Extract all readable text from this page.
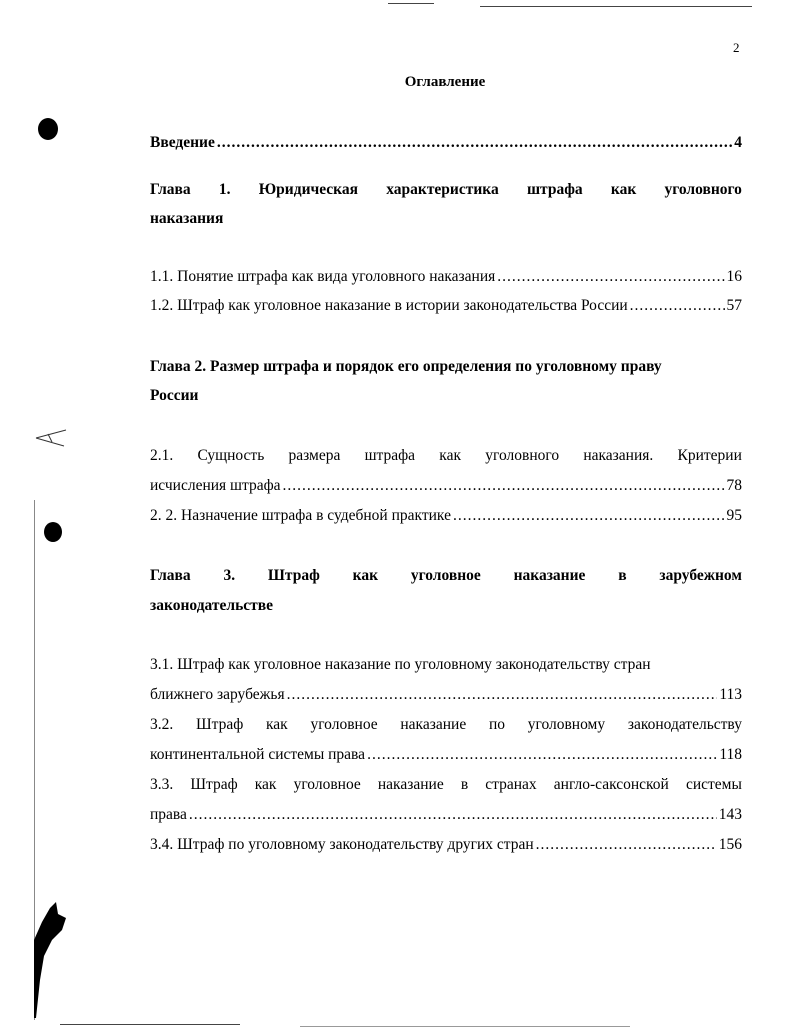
2
Оглавление
Введение .....	4
Глава 1. Юридическая характеристика штрафа как уголовного
наказания
1.1. Понятие штрафа как вида уголовного наказания .....	16
1.2. Штраф как уголовное наказание в истории законодательства России .....	57
Глава 2. Размер штрафа и порядок его определения по уголовному праву
России
2.1. Сущность размера штрафа как уголовного наказания. Критерии
исчисления штрафа .....	78
2. 2. Назначение штрафа в судебной практике .....	95
Глава 3. Штраф как уголовное наказание в зарубежном
законодательстве
3.1. Штраф как уголовное наказание по уголовному законодательству стран
ближнего зарубежья .....	113
3.2. Штраф как уголовное наказание по уголовному законодательству
континентальной системы права .....	118
3.3. Штраф как уголовное наказание в странах англо-саксонской системы
права .....	143
3.4. Штраф по уголовному законодательству других стран .....	156
